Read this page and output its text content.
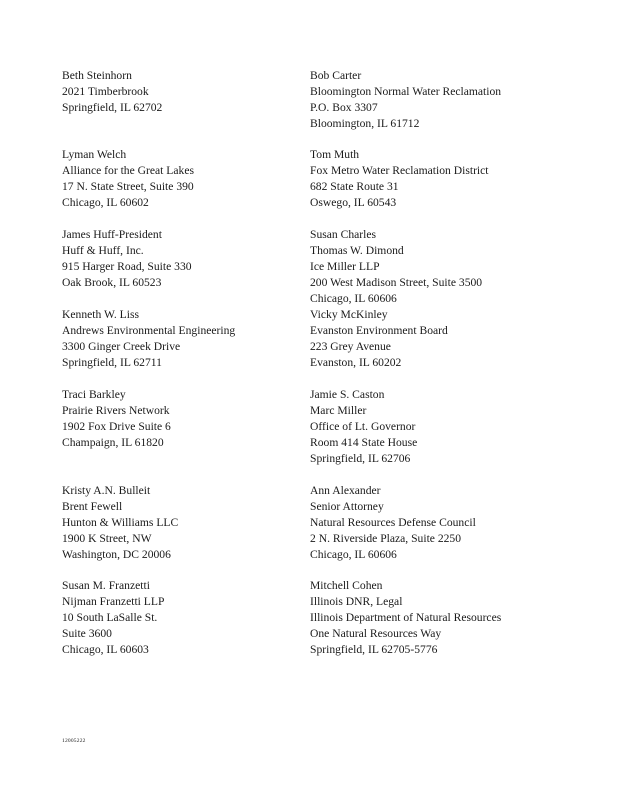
Beth Steinhorn
2021 Timberbrook
Springfield, IL 62702
Bob Carter
Bloomington Normal Water Reclamation
P.O. Box 3307
Bloomington, IL 61712
Lyman Welch
Alliance for the Great Lakes
17 N. State Street, Suite 390
Chicago, IL 60602
Tom Muth
Fox Metro Water Reclamation District
682 State Route 31
Oswego, IL 60543
James Huff-President
Huff & Huff, Inc.
915 Harger Road, Suite 330
Oak Brook, IL 60523
Susan Charles
Thomas W. Dimond
Ice Miller LLP
200 West Madison Street, Suite 3500
Chicago, IL 60606
Kenneth W. Liss
Andrews Environmental Engineering
3300 Ginger Creek Drive
Springfield, IL 62711
Vicky McKinley
Evanston Environment Board
223 Grey Avenue
Evanston, IL 60202
Traci Barkley
Prairie Rivers Network
1902 Fox Drive Suite 6
Champaign, IL 61820
Jamie S. Caston
Marc Miller
Office of Lt. Governor
Room 414 State House
Springfield, IL 62706
Kristy A.N. Bulleit
Brent Fewell
Hunton & Williams LLC
1900 K Street, NW
Washington, DC 20006
Ann Alexander
Senior Attorney
Natural Resources Defense Council
2 N. Riverside Plaza, Suite 2250
Chicago, IL 60606
Susan M. Franzetti
Nijman Franzetti LLP
10 South LaSalle St.
Suite 3600
Chicago, IL 60603
Mitchell Cohen
Illinois DNR, Legal
Illinois Department of Natural Resources
One Natural Resources Way
Springfield, IL 62705-5776
12005222
